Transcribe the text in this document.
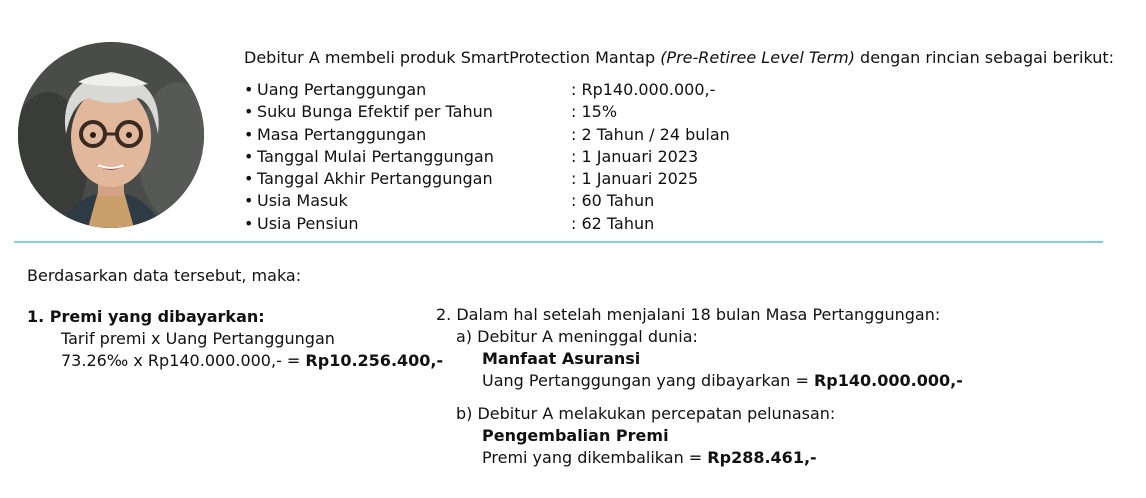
Debitur A membeli produk SmartProtection Mantap (Pre-Retiree Level Term) dengan rincian sebagai berikut:
• Uang Pertanggungan	: Rp140.000.000,-
• Suku Bunga Efektif per Tahun	: 15%
• Masa Pertanggungan	: 2 Tahun / 24 bulan
• Tanggal Mulai Pertanggungan	: 1 Januari 2023
• Tanggal Akhir Pertanggungan	: 1 Januari 2025
• Usia Masuk	: 60 Tahun
• Usia Pensiun	: 62 Tahun
Berdasarkan data tersebut, maka:
1. Premi yang dibayarkan:
Tarif premi x Uang Pertanggungan
73.26‰ x Rp140.000.000,- = Rp10.256.400,-
2. Dalam hal setelah menjalani 18 bulan Masa Pertanggungan:
a) Debitur A meninggal dunia:
Manfaat Asuransi
Uang Pertanggungan yang dibayarkan = Rp140.000.000,-
b) Debitur A melakukan percepatan pelunasan:
Pengembalian Premi
Premi yang dikembalikan = Rp288.461,-
